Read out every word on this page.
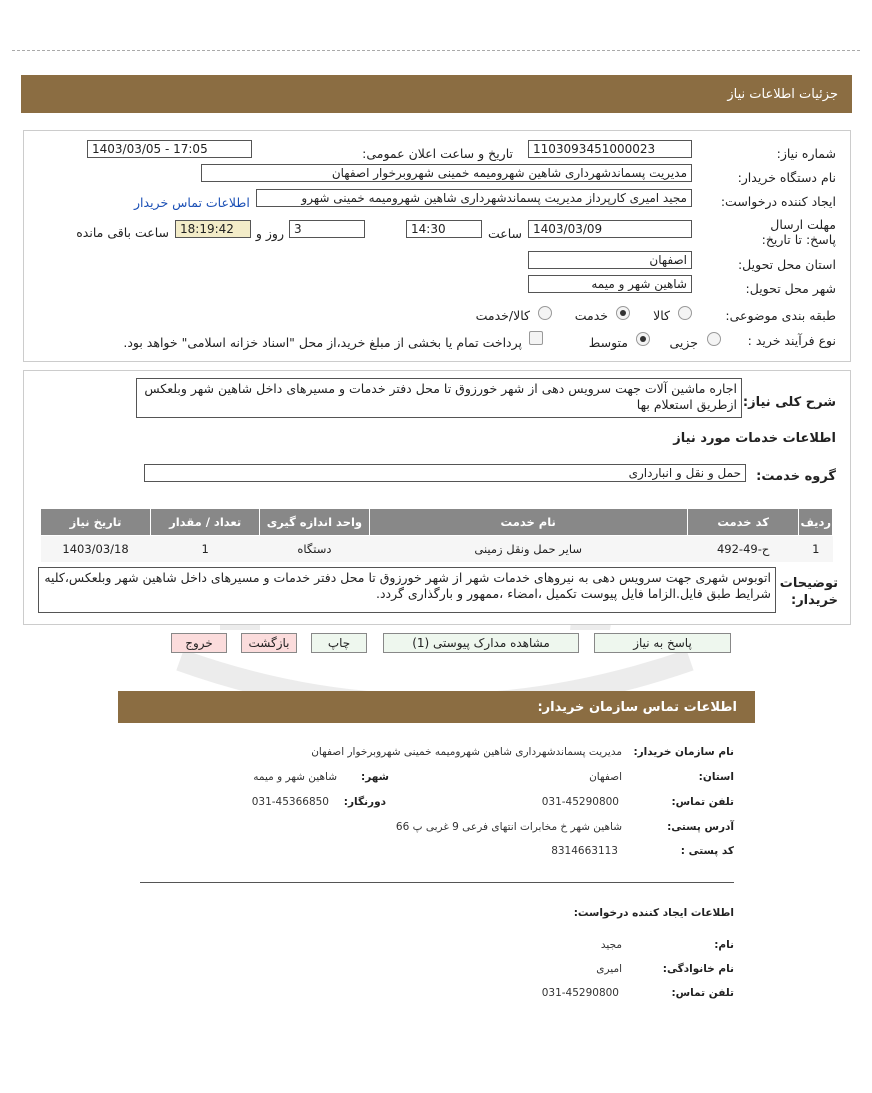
جزئیات اطلاعات نیاز
شماره نیاز:
1103093451000023
تاریخ و ساعت اعلان عمومی:
1403/03/05 - 17:05
نام دستگاه خریدار:
مدیریت پسماندشهرداری شاهین شهرومیمه خمینی شهروبرخوار اصفهان
ایجاد کننده درخواست:
مجید امیری کارپرداز مدیریت پسماندشهرداری شاهین شهرومیمه خمینی شهرو
اطلاعات تماس خریدار
مهلت ارسال پاسخ: تا تاریخ:
1403/03/09
ساعت
14:30
3
روز و
18:19:42
ساعت باقی مانده
استان محل تحویل:
اصفهان
شهر محل تحویل:
شاهین شهر و میمه
طبقه بندی موضوعی:
کالا
خدمت
کالا/خدمت
نوع فرآیند خرید :
جزیی
متوسط
پرداخت تمام یا بخشی از مبلغ خرید،از محل "اسناد خزانه اسلامی" خواهد بود.
شرح کلی نیاز:
اجاره ماشین آلات جهت سرویس دهی از شهر خورزوق تا محل دفتر خدمات و مسیرهای داخل شاهین شهر وبلعکس ازطریق استعلام بها
اطلاعات خدمات مورد نیاز
گروه خدمت:
حمل و نقل و انبارداری
ردیف	کد خدمت	نام خدمت	واحد اندازه گیری	تعداد / مقدار	تاریخ نیاز
1	ح-49-492	سایر حمل ونقل زمینی	دستگاه	1	1403/03/18
توضیحات خریدار:
اتوبوس شهری جهت سرویس دهی به نیروهای خدمات شهر از شهر خورزوق تا محل دفتر خدمات و مسیرهای داخل شاهین شهر وبلعکس،کلیه شرایط طبق فایل.الزاما فایل پیوست تکمیل ،امضاء ،ممهور و بارگذاری گردد.
پاسخ به نیاز
مشاهده مدارک پیوستی (1)
چاپ
بازگشت
خروج
اطلاعات تماس سازمان خریدار:
نام سازمان خریدار:
مدیریت پسماندشهرداری شاهین شهرومیمه خمینی شهروبرخوار اصفهان
استان:
اصفهان
شهر:
شاهین شهر و میمه
تلفن تماس:
031-45290800
دورنگار:
031-45366850
آدرس پستی:
شاهین شهر خ مخابرات انتهای فرعی 9 غربی پ 66
کد پستی :
8314663113
اطلاعات ایجاد کننده درخواست:
نام:
مجید
نام خانوادگی:
امیری
تلفن تماس:
031-45290800
